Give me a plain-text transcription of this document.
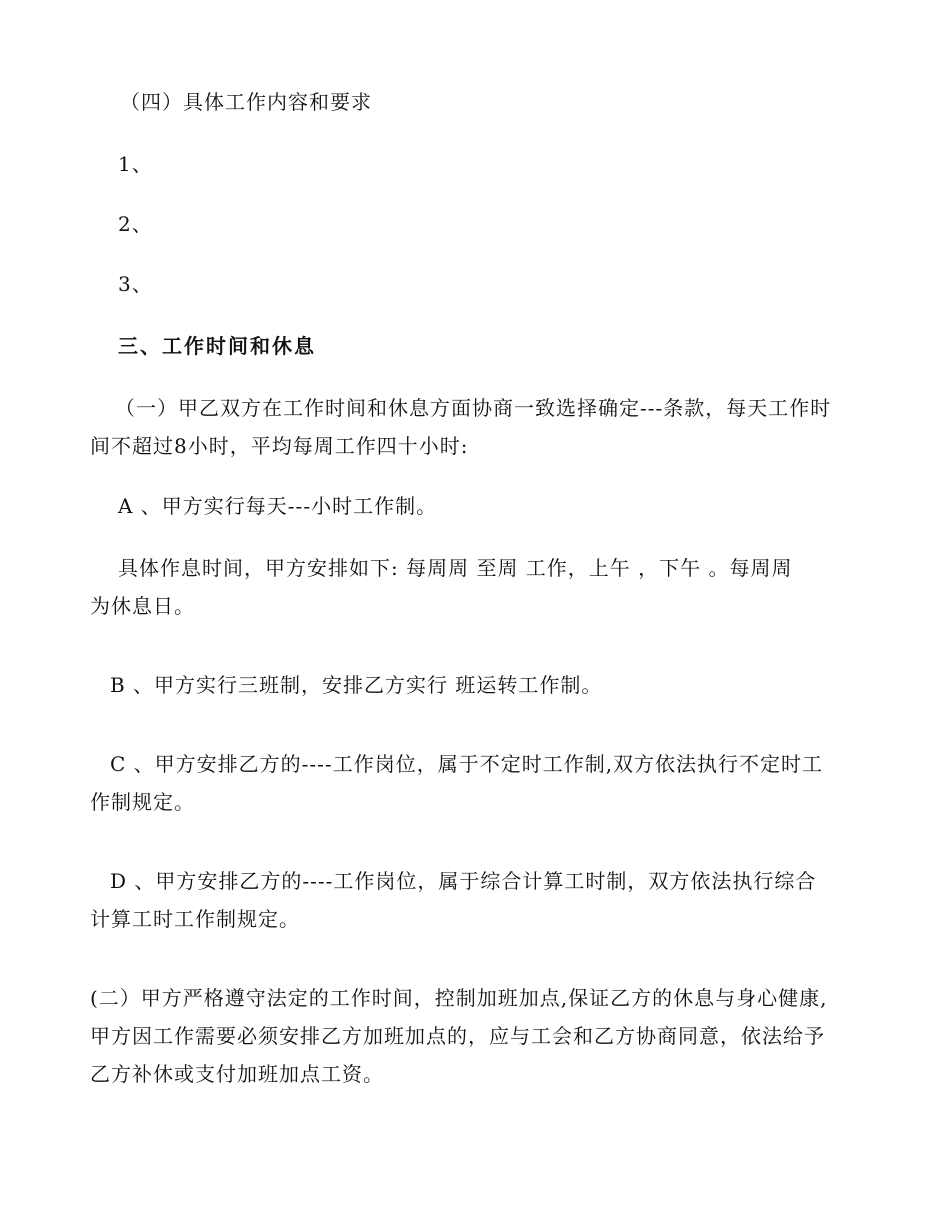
（四）具体工作内容和要求
1、
2、
3、
三、工作时间和休息
（一）甲乙双方在工作时间和休息方面协商一致选择确定---条款，每天工作时
间不超过8小时，平均每周工作四十小时:
A 、甲方实行每天---小时工作制。
具体作息时间，甲方安排如下: 每周周 至周 工作，上午 ，下午 。每周周
为休息日。
B 、甲方实行三班制，安排乙方实行 班运转工作制。
C 、甲方安排乙方的----工作岗位，属于不定时工作制,双方依法执行不定时工
作制规定。
D 、甲方安排乙方的----工作岗位，属于综合计算工时制，双方依法执行综合
计算工时工作制规定。
(二）甲方严格遵守法定的工作时间，控制加班加点,保证乙方的休息与身心健康,
甲方因工作需要必须安排乙方加班加点的，应与工会和乙方协商同意，依法给予
乙方补休或支付加班加点工资。
